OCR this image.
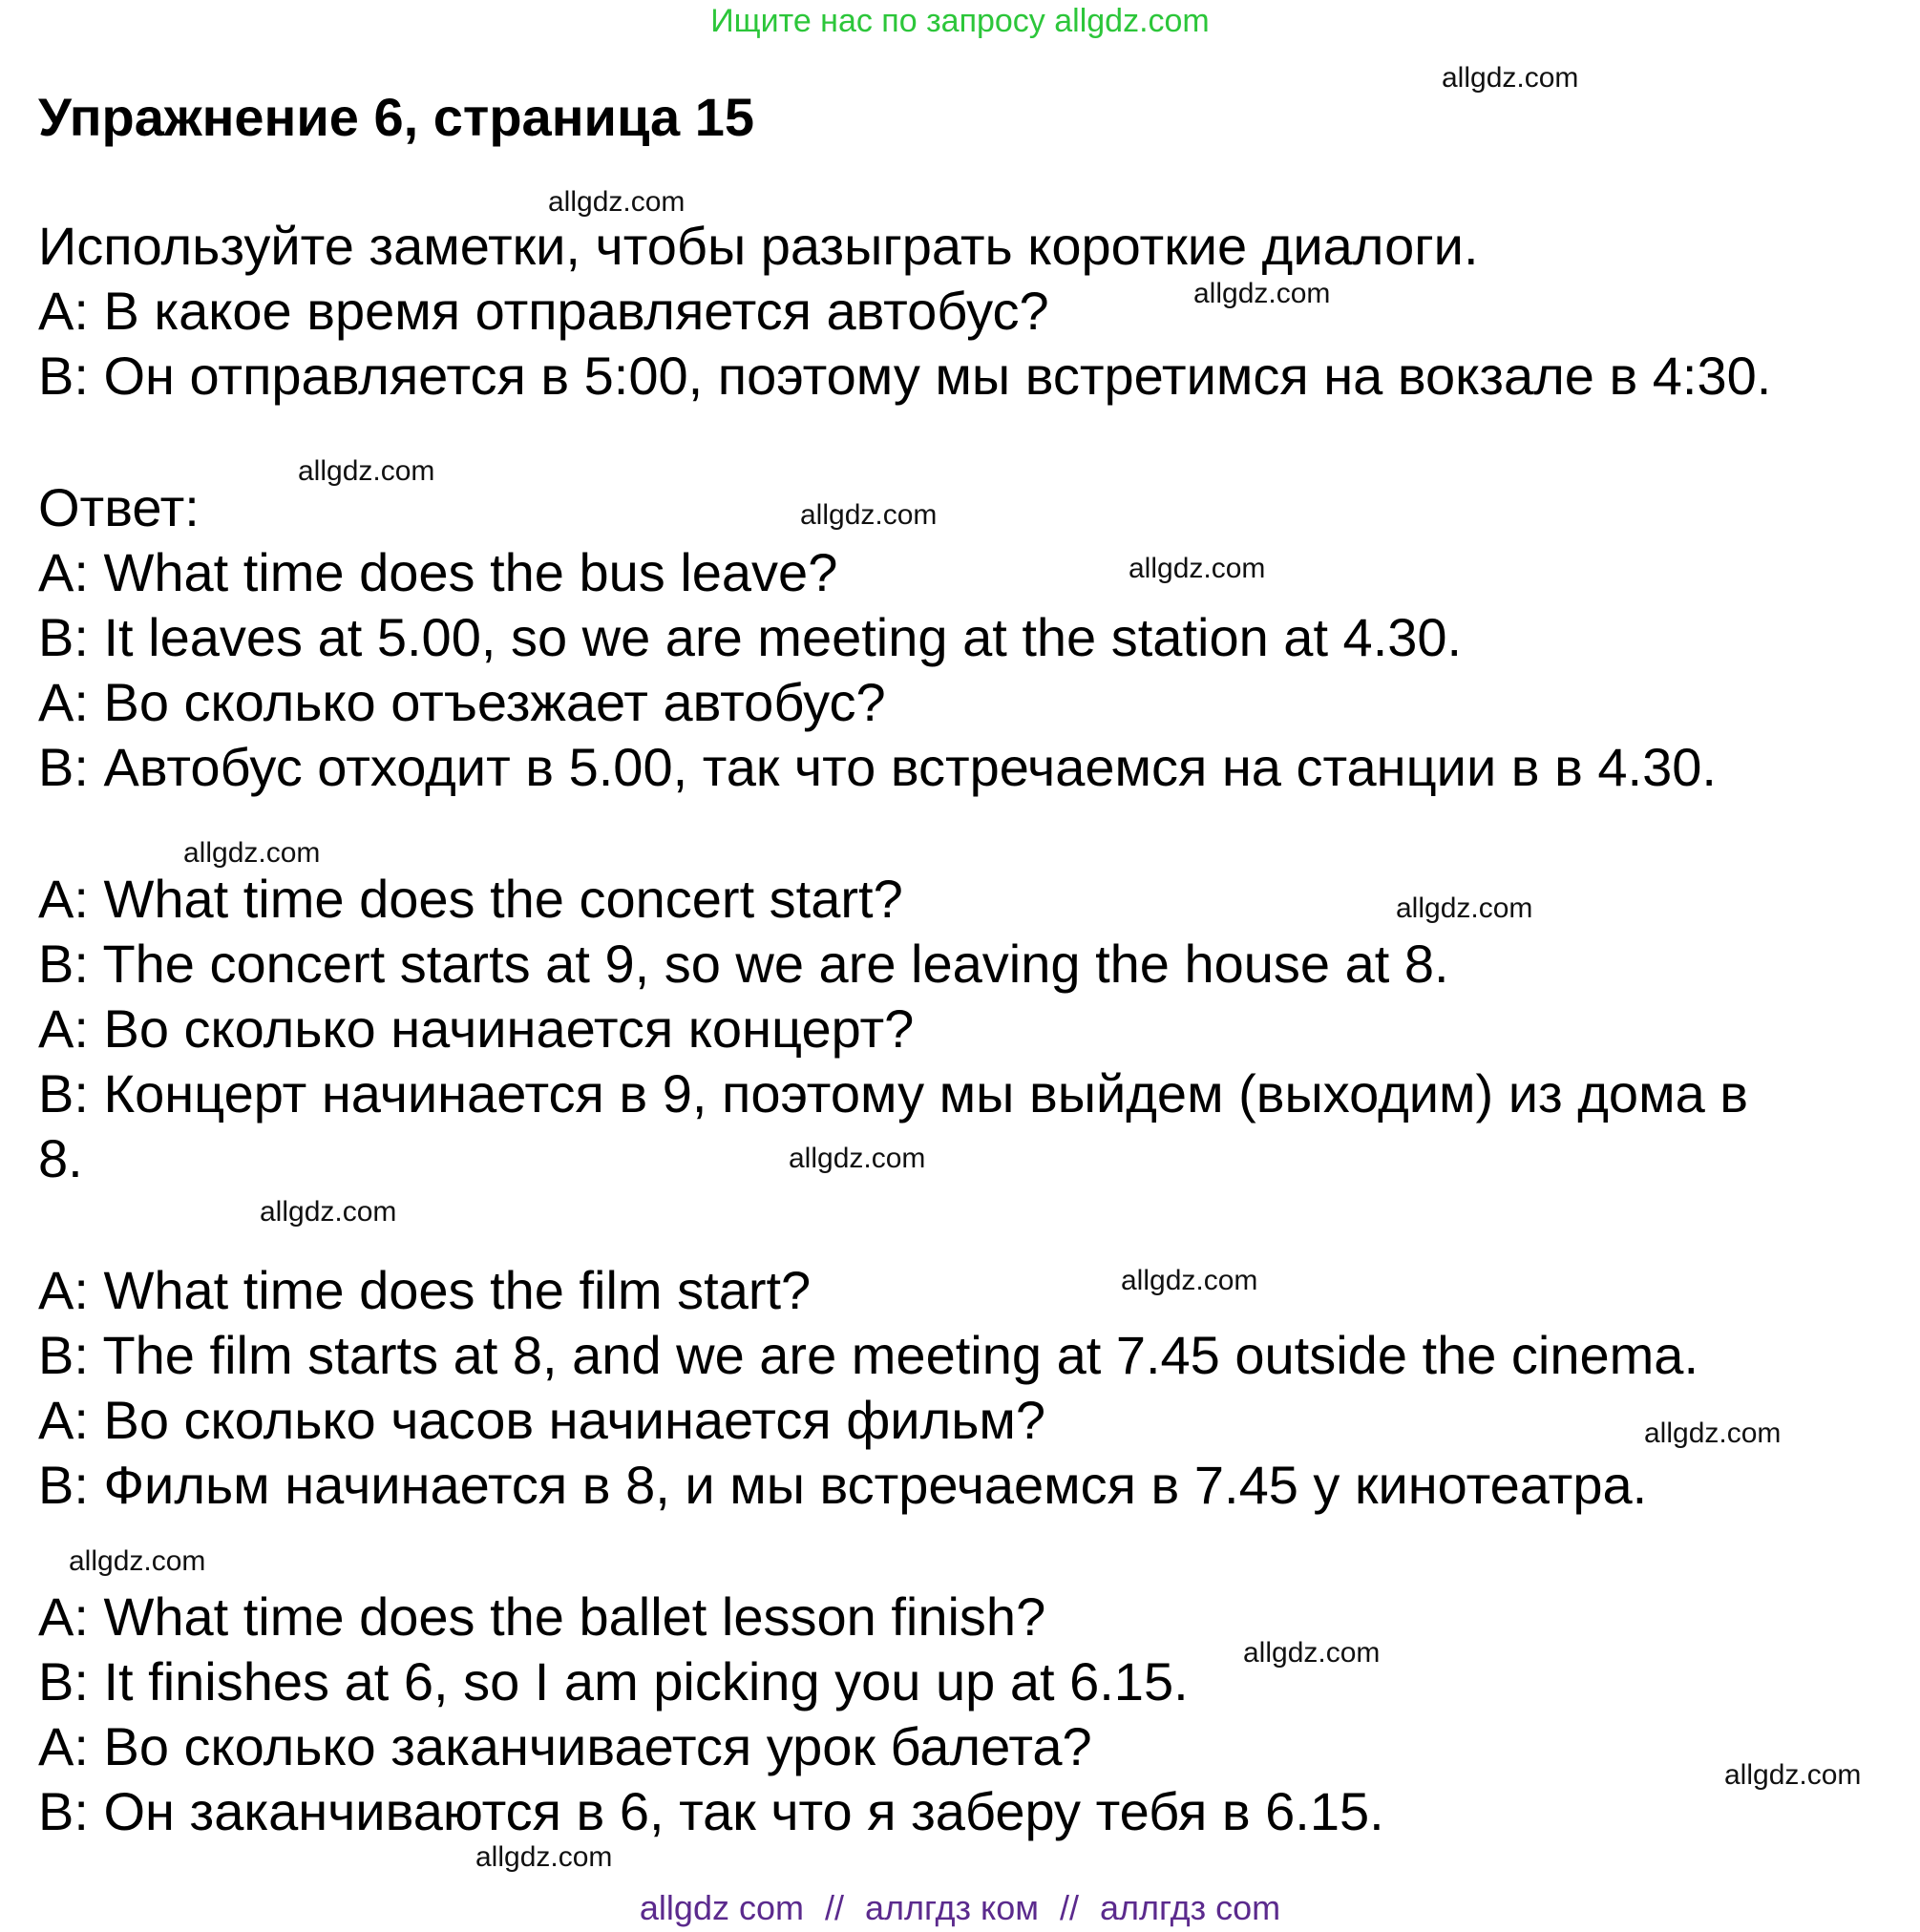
Ищите нас по запросу allgdz.com
Упражнение 6, страница 15
Используйте заметки, чтобы разыграть короткие диалоги.
А: В какое время отправляется автобус?
В: Он отправляется в 5:00, поэтому мы встретимся на вокзале в 4:30.
Ответ:
A: What time does the bus leave?
B: It leaves at 5.00, so we are meeting at the station at 4.30.
A: Во сколько отъезжает автобус?
B: Автобус отходит в 5.00, так что встречаемся на станции в в 4.30.
A: What time does the concert start?
B: The concert starts at 9, so we are leaving the house at 8.
A: Во сколько начинается концерт?
B: Концерт начинается в 9, поэтому мы выйдем (выходим) из дома в
8.
A: What time does the film start?
B: The film starts at 8, and we are meeting at 7.45 outside the cinema.
A: Во сколько часов начинается фильм?
B: Фильм начинается в 8, и мы встречаемся в 7.45 у кинотеатра.
A: What time does the ballet lesson finish?
B: It finishes at 6, so I am picking you up at 6.15.
A: Во сколько заканчивается урок балета?
B: Он заканчиваются в 6, так что я заберу тебя в 6.15.
allgdz.com
allgdz.com
allgdz.com
allgdz.com
allgdz.com
allgdz.com
allgdz.com
allgdz.com
allgdz.com
allgdz.com
allgdz.com
allgdz.com
allgdz.com
allgdz.com
allgdz.com
allgdz.com
allgdz com // аллгдз ком // аллгдз com
